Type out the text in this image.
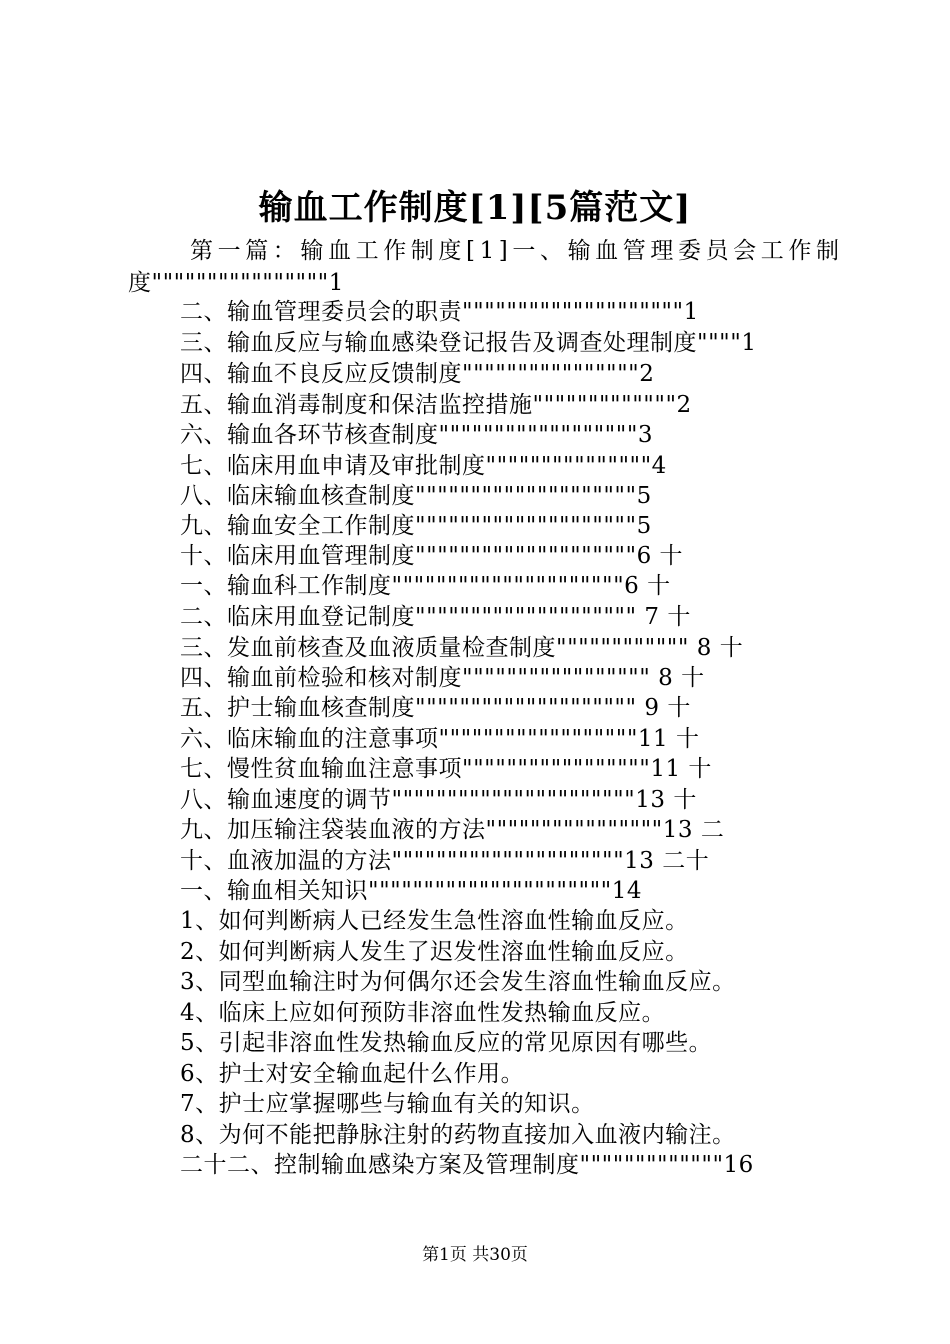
输血工作制度[1][5篇范文]
第一篇：输血工作制度[1]一、输血管理委员会工作制
度""""""""""""""""1
二、输血管理委员会的职责""""""""""""""""""""1
三、输血反应与输血感染登记报告及调查处理制度""""1
四、输血不良反应反馈制度""""""""""""""""2
五、输血消毒制度和保洁监控措施"""""""""""""2
六、输血各环节核查制度""""""""""""""""""3
七、临床用血申请及审批制度"""""""""""""""4
八、临床输血核查制度""""""""""""""""""""5
九、输血安全工作制度""""""""""""""""""""5
十、临床用血管理制度""""""""""""""""""""6 十
一、输血科工作制度"""""""""""""""""""""6 十
二、临床用血登记制度"""""""""""""""""""" 7 十
三、发血前核查及血液质量检查制度"""""""""""" 8 十
四、输血前检验和核对制度""""""""""""""""" 8 十
五、护士输血核查制度"""""""""""""""""""" 9 十
六、临床输血的注意事项""""""""""""""""""11 十
七、慢性贫血输血注意事项"""""""""""""""""11 十
八、输血速度的调节""""""""""""""""""""""13 十
九、加压输注袋装血液的方法""""""""""""""""13 二
十、血液加温的方法"""""""""""""""""""""13 二十
一、输血相关知识""""""""""""""""""""""14
1、如何判断病人已经发生急性溶血性输血反应。
2、如何判断病人发生了迟发性溶血性输血反应。
3、同型血输注时为何偶尔还会发生溶血性输血反应。
4、临床上应如何预防非溶血性发热输血反应。
5、引起非溶血性发热输血反应的常见原因有哪些。
6、护士对安全输血起什么作用。
7、护士应掌握哪些与输血有关的知识。
8、为何不能把静脉注射的药物直接加入血液内输注。
二十二、控制输血感染方案及管理制度"""""""""""""16
第1页 共30页
